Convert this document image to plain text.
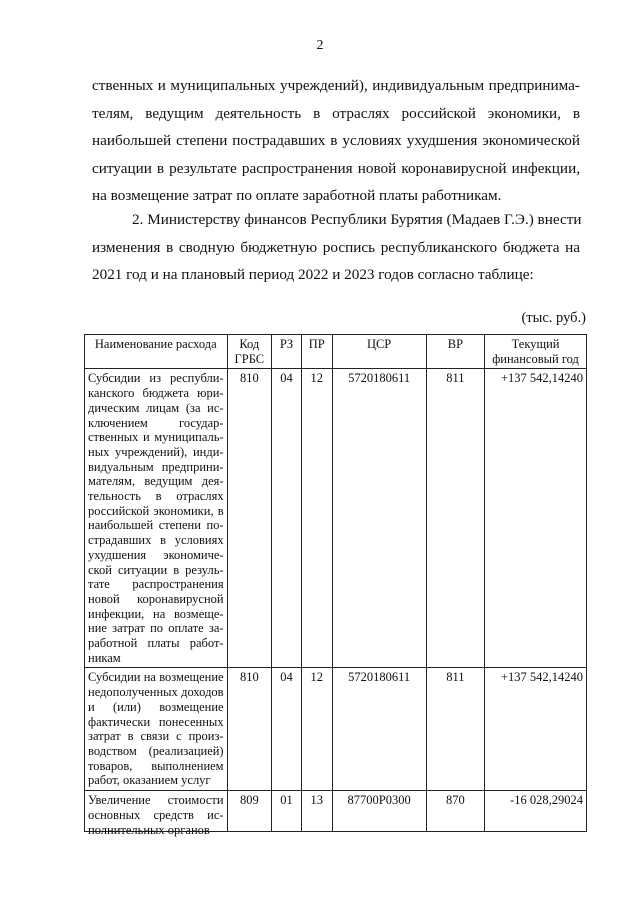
2
ственных и муниципальных учреждений), индивидуальным предпринима-
телям, ведущим деятельность в отраслях российской экономики, в
наибольшей степени пострадавших в условиях ухудшения экономической
ситуации в результате распространения новой коронавирусной инфекции,
на возмещение затрат по оплате заработной платы работникам.
2. Министерству финансов Республики Бурятия (Мадаев Г.Э.) внести
изменения в сводную бюджетную роспись республиканского бюджета на
2021 год и на плановый период 2022 и 2023 годов согласно таблице:
(тыс. руб.)
Наименование расхода	Код ГРБС	РЗ	ПР	ЦСР	ВР	Текущий финансовый год
Субсидии из республиканского бюджета юридическим лицам (за исключением государственных и муниципальных учреждений), индивидуальным предпринимателям, ведущим деятельность в отраслях российской экономики, в наибольшей степени пострадавших в условиях ухудшения экономической ситуации в результате распространения новой коронавирусной инфекции, на возмещение затрат по оплате заработной платы работникам	810	04	12	5720180611	811	+137 542,14240
Субсидии на возмещение недополученных доходов и (или) возмещение фактически понесенных затрат в связи с производством (реализацией) товаров, выполнением работ, оказанием услуг	810	04	12	5720180611	811	+137 542,14240

Увеличение стоимости основных средств исполнительных органов	809	01	13	87700Р0300	870	-16 028,29024
